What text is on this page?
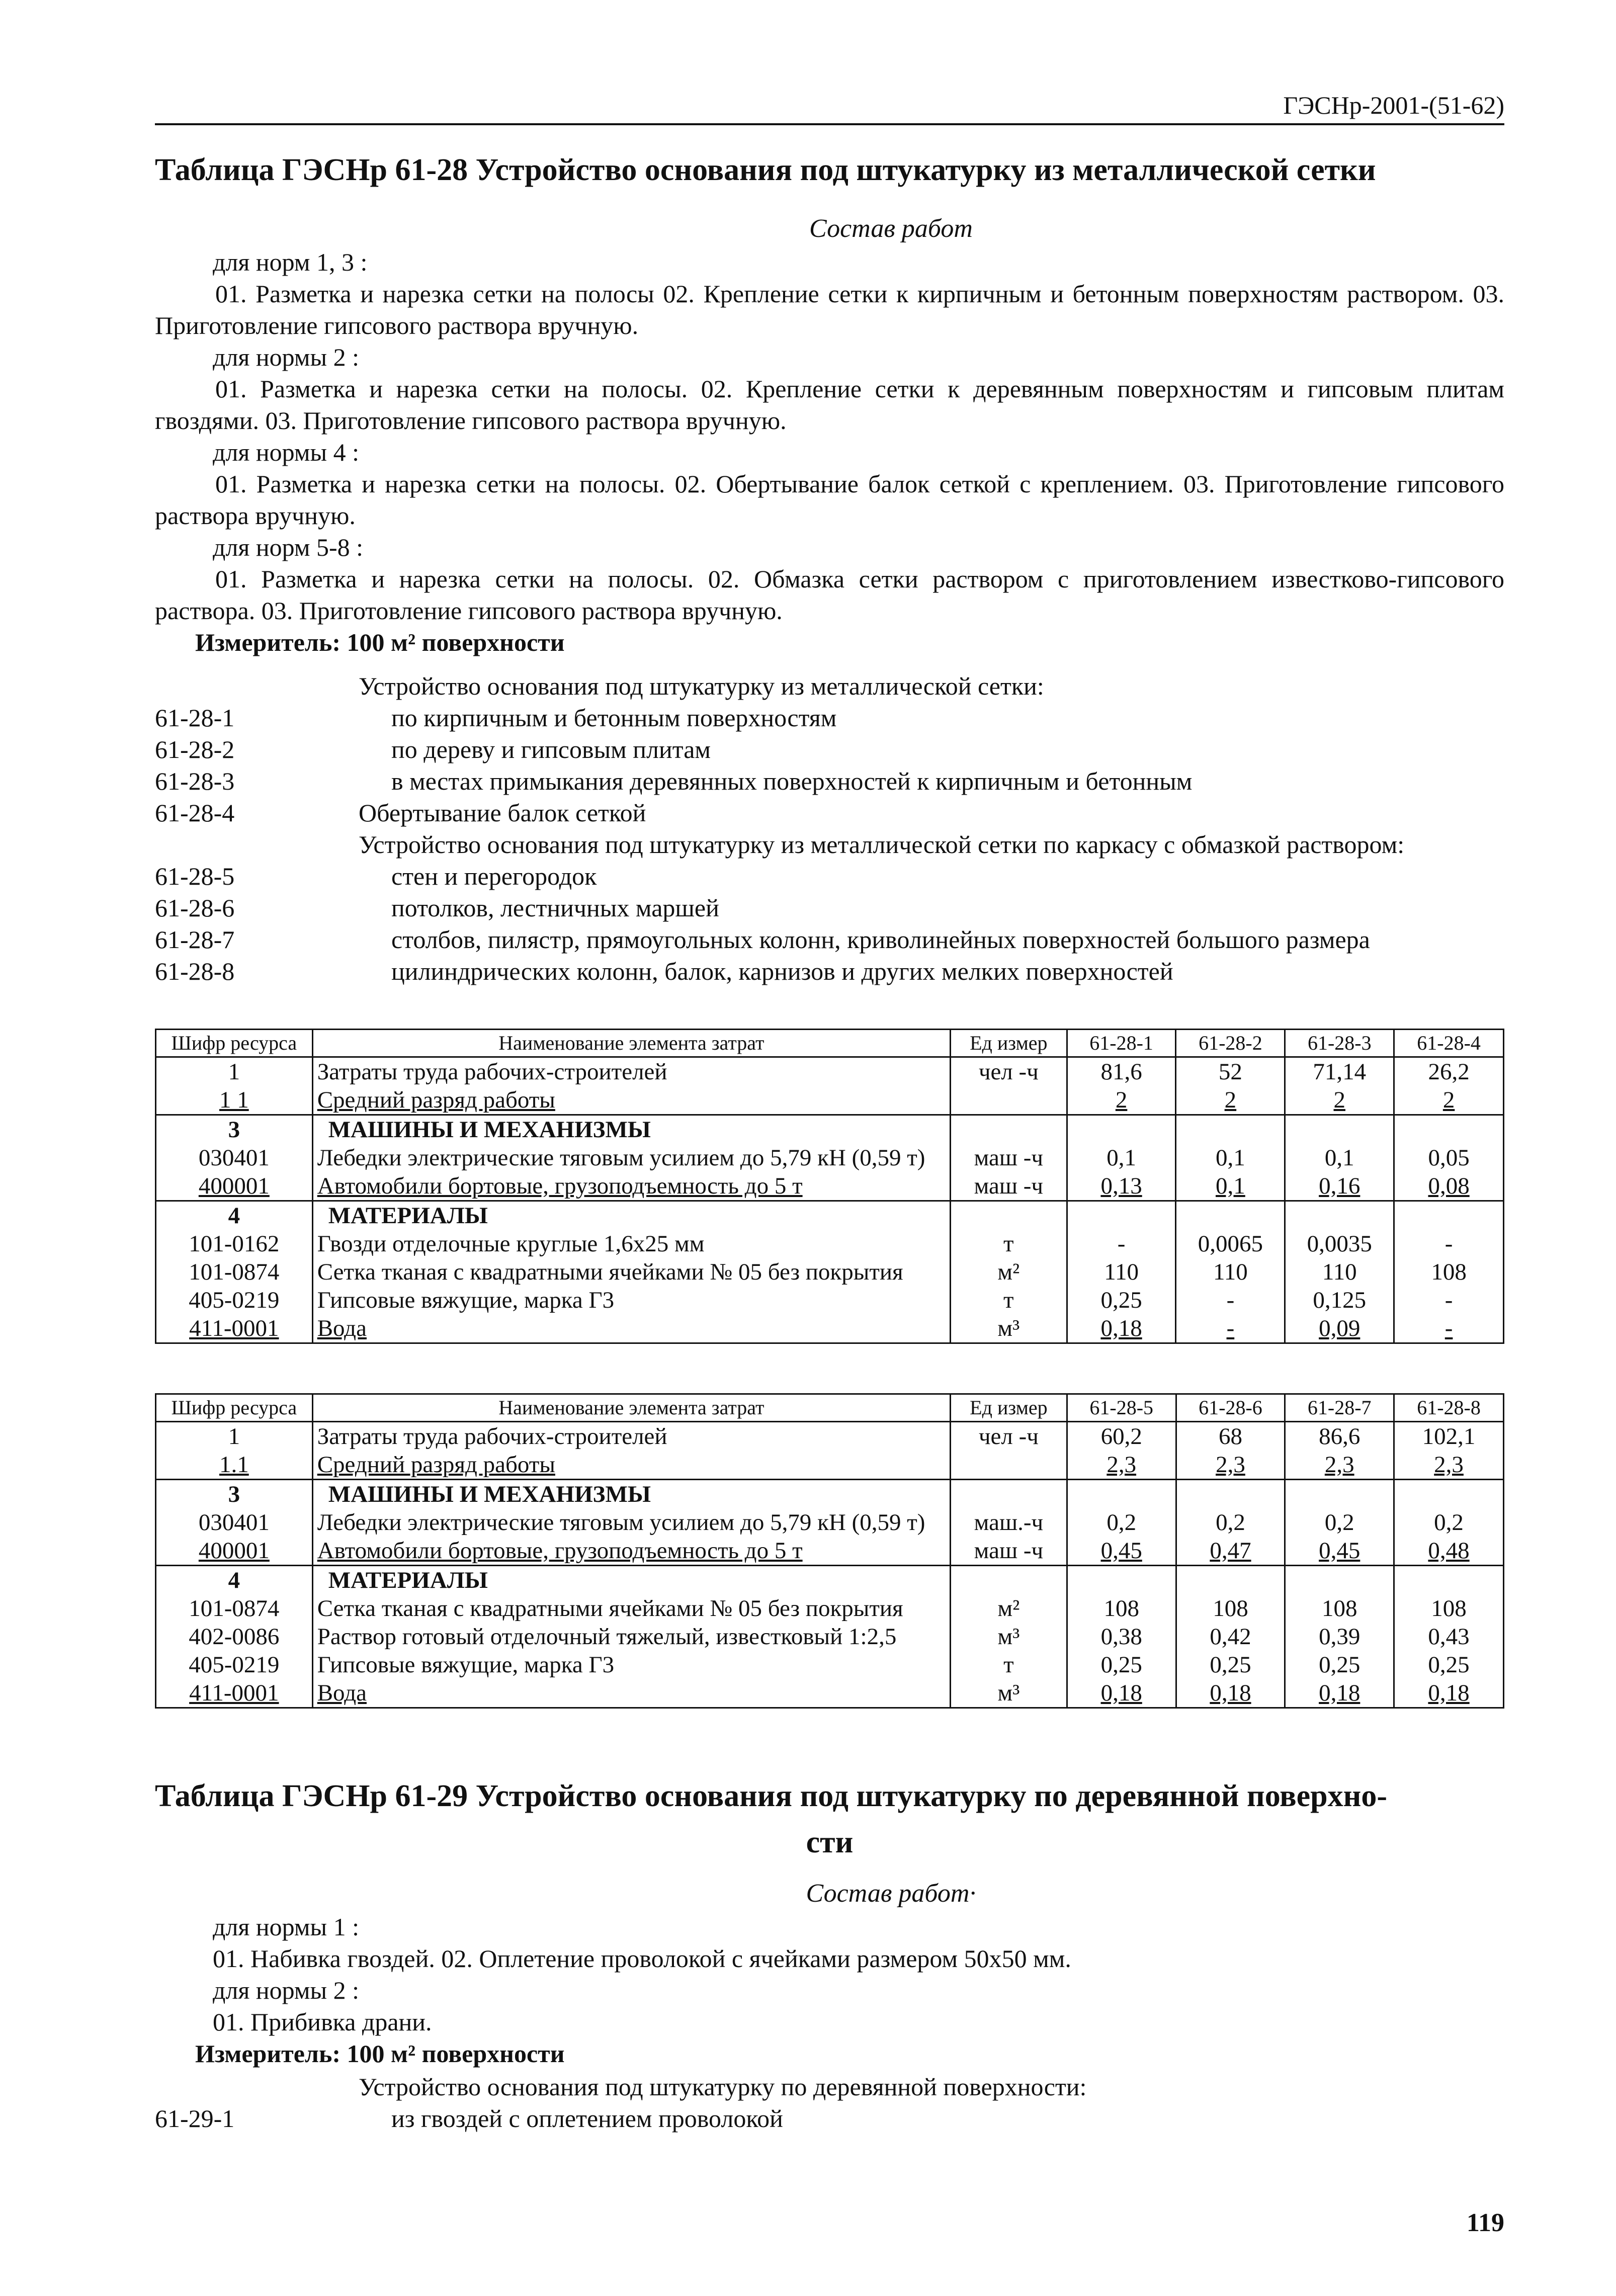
ГЭСНр-2001-(51-62)
Таблица ГЭСНр 61-28 Устройство основания под штукатурку из металлической сетки
Состав работ
для норм 1, 3 :
01. Разметка и нарезка сетки на полосы 02. Крепление сетки к кирпичным и бетонным поверхностям раствором. 03. Приготовление гипсового раствора вручную.
для нормы 2 :
01. Разметка и нарезка сетки на полосы. 02. Крепление сетки к деревянным поверхностям и гипсовым плитам гвоздями. 03. Приготовление гипсового раствора вручную.
для нормы 4 :
01. Разметка и нарезка сетки на полосы. 02. Обертывание балок сеткой с креплением. 03. Приготовление гипсового раствора вручную.
для норм 5-8 :
01. Разметка и нарезка сетки на полосы. 02. Обмазка сетки раствором с приготовлением известково-гипсового раствора. 03. Приготовление гипсового раствора вручную.
Измеритель: 100 м² поверхности
Устройство основания под штукатурку из металлической сетки:
61-28-1	по кирпичным и бетонным поверхностям
61-28-2	по дереву и гипсовым плитам
61-28-3	в местах примыкания деревянных поверхностей к кирпичным и бетонным
61-28-4	Обертывание балок сеткой
Устройство основания под штукатурку из металлической сетки по каркасу с обмазкой раствором:
61-28-5	стен и перегородок
61-28-6	потолков, лестничных маршей
61-28-7	столбов, пилястр, прямоугольных колонн, криволинейных поверхностей большого размера
61-28-8	цилиндрических колонн, балок, карнизов и других мелких поверхностей
Шифр ресурса	Наименование элемента затрат	Ед измер	61-28-1	61-28-2	61-28-3	61-28-4
1	Затраты труда рабочих-строителей	чел -ч	81,6	52	71,14	26,2
1 1	Средний разряд работы		2	2	2	2
3	МАШИНЫ И МЕХАНИЗМЫ					
030401	Лебедки электрические тяговым усилием до 5,79 кН (0,59 т)	маш -ч	0,1	0,1	0,1	0,05
400001	Автомобили бортовые, грузоподъемность до 5 т	маш -ч	0,13	0,1	0,16	0,08
4	МАТЕРИАЛЫ					
101-0162	Гвозди отделочные круглые 1,6x25 мм	т	-	0,0065	0,0035	-
101-0874	Сетка тканая с квадратными ячейками № 05 без покрытия	м²	110	110	110	108
405-0219	Гипсовые вяжущие, марка Г3	т	0,25	-	0,125	-
411-0001	Вода	м³	0,18	-	0,09	-
Шифр ресурса	Наименование элемента затрат	Ед измер	61-28-5	61-28-6	61-28-7	61-28-8
1	Затраты труда рабочих-строителей	чел -ч	60,2	68	86,6	102,1
1.1	Средний разряд работы		2,3	2,3	2,3	2,3
3	МАШИНЫ И МЕХАНИЗМЫ					
030401	Лебедки электрические тяговым усилием до 5,79 кН (0,59 т)	маш.-ч	0,2	0,2	0,2	0,2
400001	Автомобили бортовые, грузоподъемность до 5 т	маш -ч	0,45	0,47	0,45	0,48
4	МАТЕРИАЛЫ					
101-0874	Сетка тканая с квадратными ячейками № 05 без покрытия	м²	108	108	108	108
402-0086	Раствор готовый отделочный тяжелый, известковый 1:2,5	м³	0,38	0,42	0,39	0,43
405-0219	Гипсовые вяжущие, марка Г3	т	0,25	0,25	0,25	0,25
411-0001	Вода	м³	0,18	0,18	0,18	0,18
Таблица ГЭСНр 61-29 Устройство основания под штукатурку по деревянной поверхно-
сти
Состав работ·
для нормы 1 :
01. Набивка гвоздей. 02. Оплетение проволокой с ячейками размером 50x50 мм.
для нормы 2 :
01. Прибивка драни.
Измеритель: 100 м² поверхности
Устройство основания под штукатурку по деревянной поверхности:
61-29-1	из гвоздей с оплетением проволокой
119
